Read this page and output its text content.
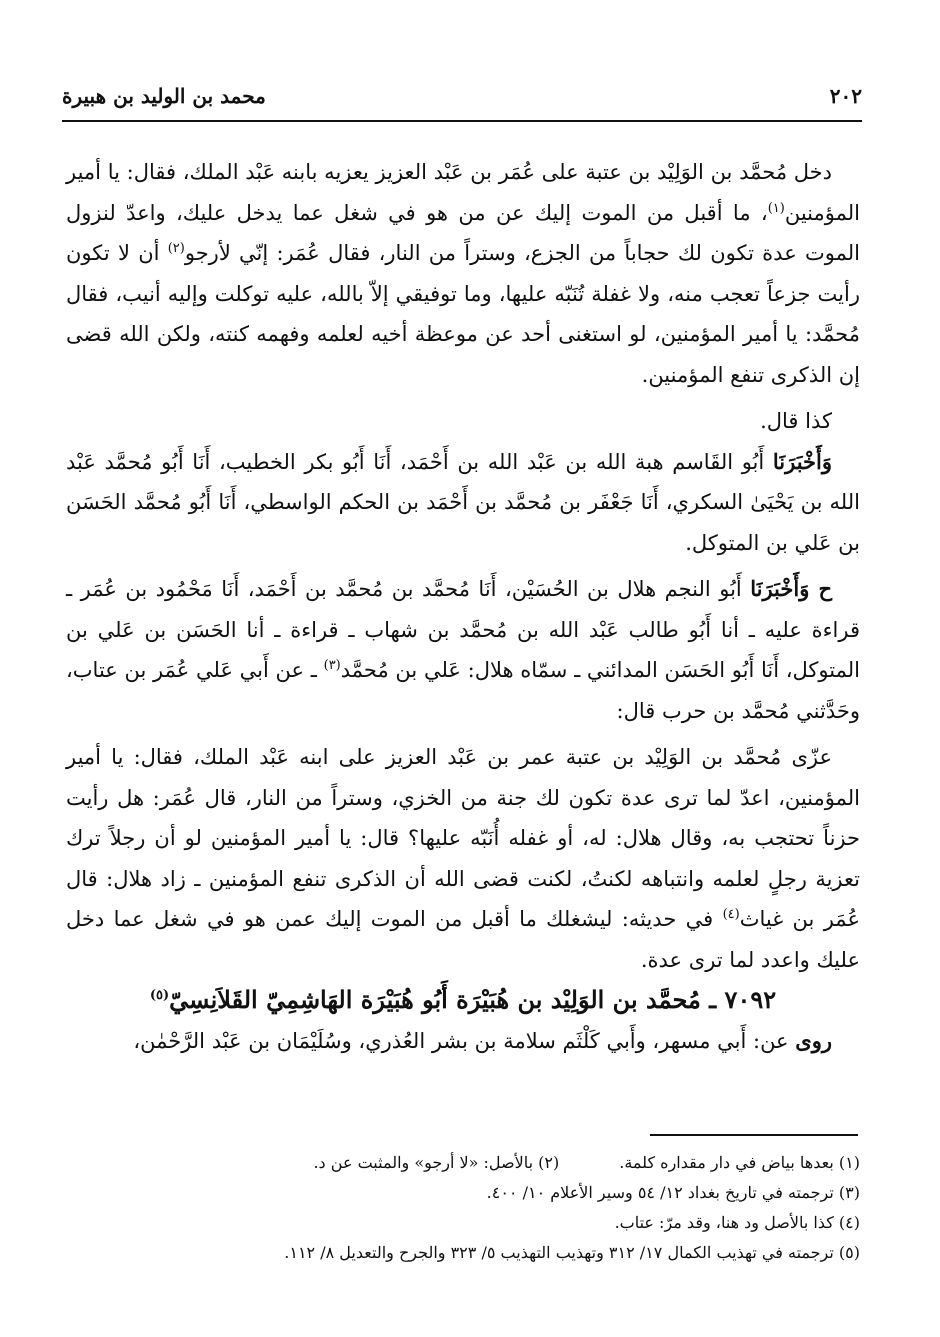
٢٠٢
محمد بن الوليد بن هبيرة

دخل مُحمَّد بن الوَلِيْد بن عتبة على عُمَر بن عَبْد العزيز يعزيه بابنه عَبْد الملك، فقال: يا أمير المؤمنين$^{(١)}$، ما أقبل من الموت إليك عن من هو في شغل عما يدخل عليك، واعدّ لنزول الموت عدة تكون لك حجاباً من الجزع، وستراً من النار، فقال عُمَر: إنّي لأرجو$^{(٢)}$ أن لا تكون رأيت جزعاً تعجب منه، ولا غفلة تُنَبّه عليها، وما توفيقي إلاّ بالله، عليه توكلت وإليه أنيب، فقال مُحمَّد: يا أمير المؤمنين، لو استغنى أحد عن موعظة أخيه لعلمه وفهمه كنته، ولكن الله قضى إن الذكرى تنفع المؤمنين.

كذا قال.

وَأَخْبَرَنَا أَبُو القَاسم هبة الله بن عَبْد الله بن أَحْمَد، أَنَا أَبُو بكر الخطيب، أَنَا أَبُو مُحمَّد عَبْد الله بن يَحْيَىٰ السكري، أَنَا جَعْفَر بن مُحمَّد بن أَحْمَد بن الحكم الواسطي، أَنَا أَبُو مُحمَّد الحَسَن بن عَلي بن المتوكل.

ح وَأَخْبَرَنَا أَبُو النجم هلال بن الحُسَيْن، أَنَا مُحمَّد بن مُحمَّد بن أَحْمَد، أَنَا مَحْمُود بن عُمَر ـ قراءة عليه ـ أنا أَبُو طالب عَبْد الله بن مُحمَّد بن شهاب ـ قراءة ـ أنا الحَسَن بن عَلي بن المتوكل، أَنَا أَبُو الحَسَن المدائني ـ سمّاه هلال: عَلي بن مُحمَّد$^{(٣)}$ ـ عن أَبي عَلي عُمَر بن عتاب، وحَدَّثني مُحمَّد بن حرب قال:

عزّى مُحمَّد بن الوَلِيْد بن عتبة عمر بن عَبْد العزيز على ابنه عَبْد الملك، فقال: يا أمير المؤمنين، اعدّ لما ترى عدة تكون لك جنة من الخزي، وستراً من النار، قال عُمَر: هل رأيت حزناً تحتجب به، وقال هلال: له، أو غفله أُنَبّه عليها؟ قال: يا أمير المؤمنين لو أن رجلاً ترك تعزية رجلٍ لعلمه وانتباهه لكنتُ، لكنت قضى الله أن الذكرى تنفع المؤمنين ـ زاد هلال: قال عُمَر بن غياث$^{(٤)}$ في حديثه: ليشغلك ما أقبل من الموت إليك عمن هو في شغل عما دخل عليك واعدد لما ترى عدة.

٧٠٩٢ ـ مُحمَّد بن الوَلِيْد بن هُبَيْرَة أَبُو هُبَيْرَة الهَاشِمِيّ القَلاَنِسِيّ$^{(٥)}$

روى عن: أَبي مسهر، وأَبي كَلْثَم سلامة بن بشر العُذري، وسُلَيْمَان بن عَبْد الرَّحْمٰن،

(١) بعدها بياض في دار مقداره كلمة.
(٢) بالأصل: «لا أرجو» والمثبت عن د.
(٣) ترجمته في تاريخ بغداد ١٢/ ٥٤ وسير الأعلام ١٠/ ٤٠٠.
(٤) كذا بالأصل ود هنا، وقد مرّ: عتاب.
(٥) ترجمته في تهذيب الكمال ١٧/ ٣١٢ وتهذيب التهذيب ٥/ ٣٢٣ والجرح والتعديل ٨/ ١١٢.
